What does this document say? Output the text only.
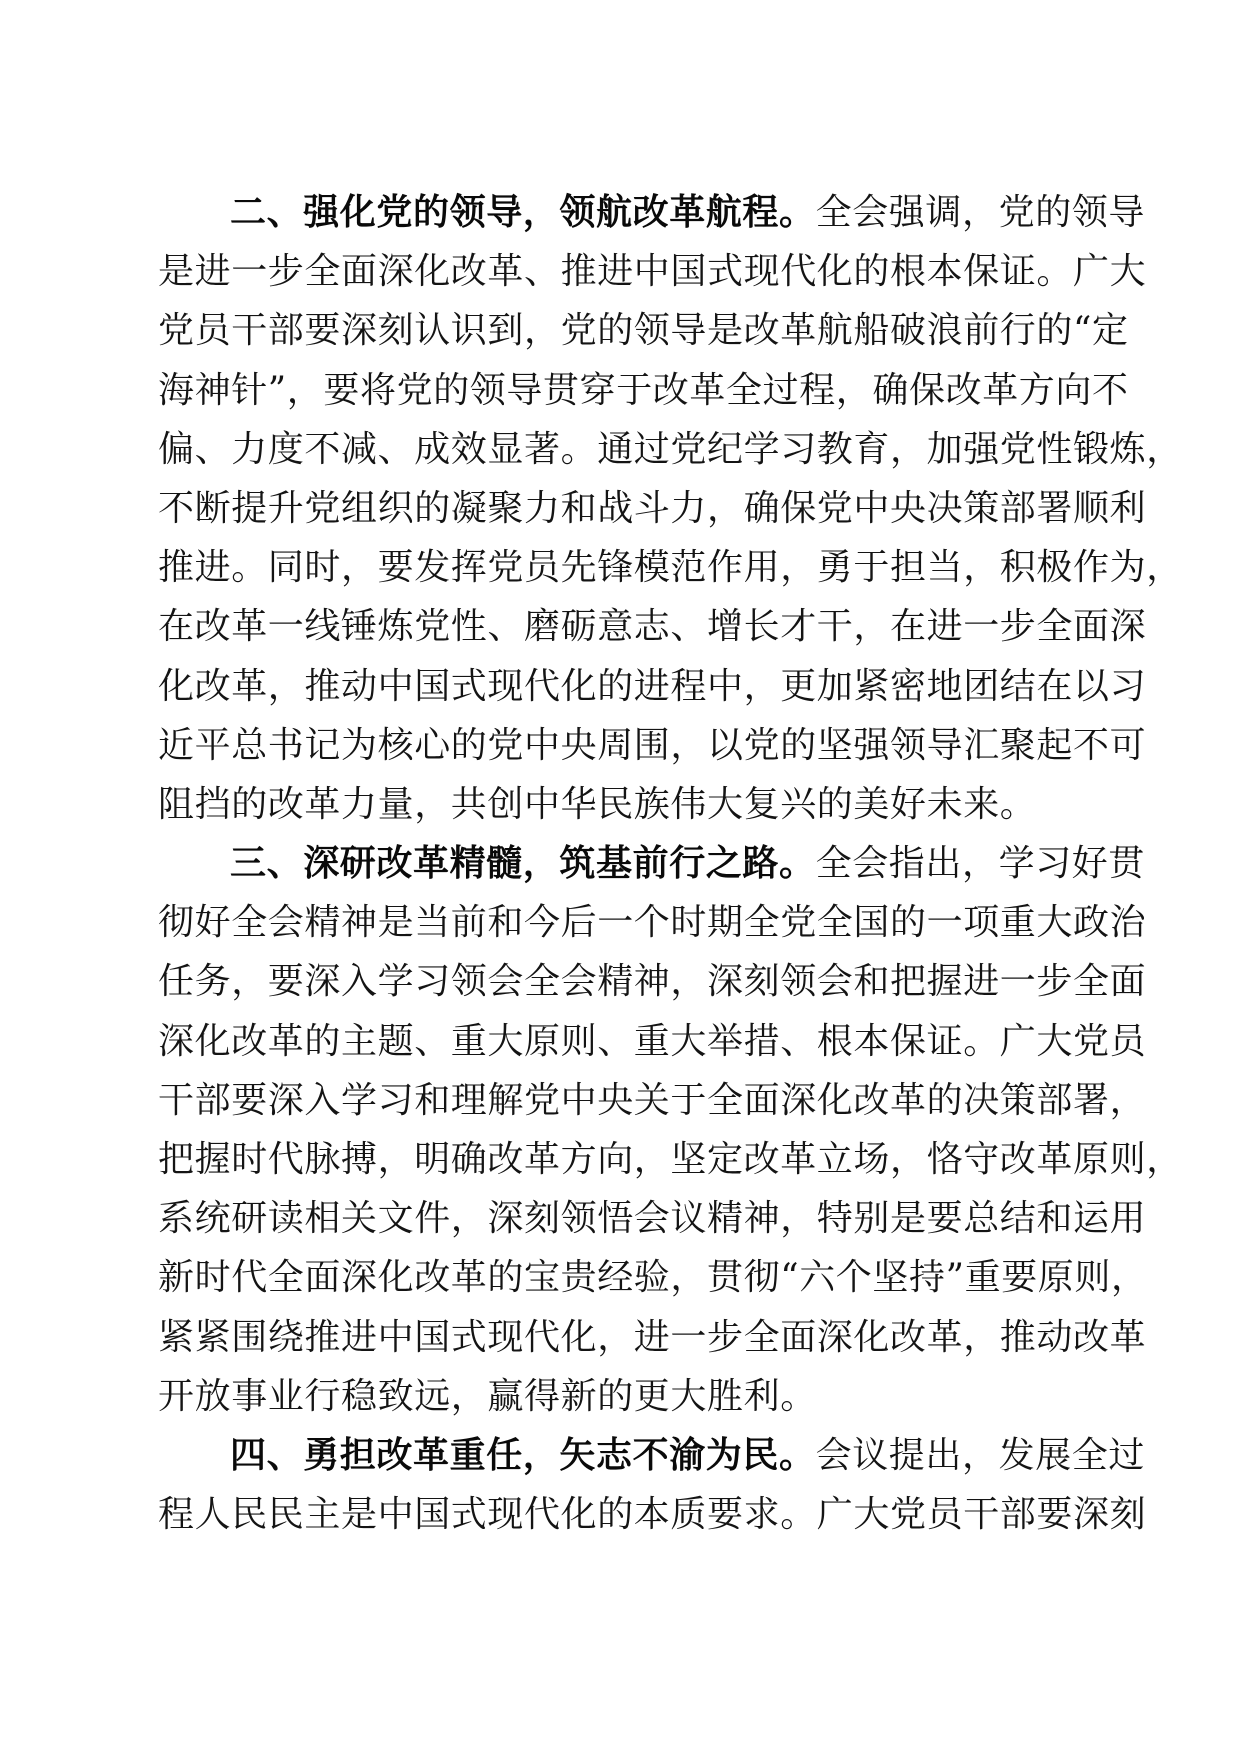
二、强化党的领导，领航改革航程。全会强调，党的领导
是进一步全面深化改革、推进中国式现代化的根本保证。广大
党员干部要深刻认识到，党的领导是改革航船破浪前行的“定
海神针”，要将党的领导贯穿于改革全过程，确保改革方向不
偏、力度不减、成效显著。通过党纪学习教育，加强党性锻炼，
不断提升党组织的凝聚力和战斗力，确保党中央决策部署顺利
推进。同时，要发挥党员先锋模范作用，勇于担当，积极作为，
在改革一线锤炼党性、磨砺意志、增长才干，在进一步全面深
化改革，推动中国式现代化的进程中，更加紧密地团结在以习
近平总书记为核心的党中央周围，以党的坚强领导汇聚起不可
阻挡的改革力量，共创中华民族伟大复兴的美好未来。
三、深研改革精髓，筑基前行之路。全会指出，学习好贯
彻好全会精神是当前和今后一个时期全党全国的一项重大政治
任务，要深入学习领会全会精神，深刻领会和把握进一步全面
深化改革的主题、重大原则、重大举措、根本保证。广大党员
干部要深入学习和理解党中央关于全面深化改革的决策部署，
把握时代脉搏，明确改革方向，坚定改革立场，恪守改革原则，
系统研读相关文件，深刻领悟会议精神，特别是要总结和运用
新时代全面深化改革的宝贵经验，贯彻“六个坚持”重要原则，
紧紧围绕推进中国式现代化，进一步全面深化改革，推动改革
开放事业行稳致远，赢得新的更大胜利。
四、勇担改革重任，矢志不渝为民。会议提出，发展全过
程人民民主是中国式现代化的本质要求。广大党员干部要深刻
